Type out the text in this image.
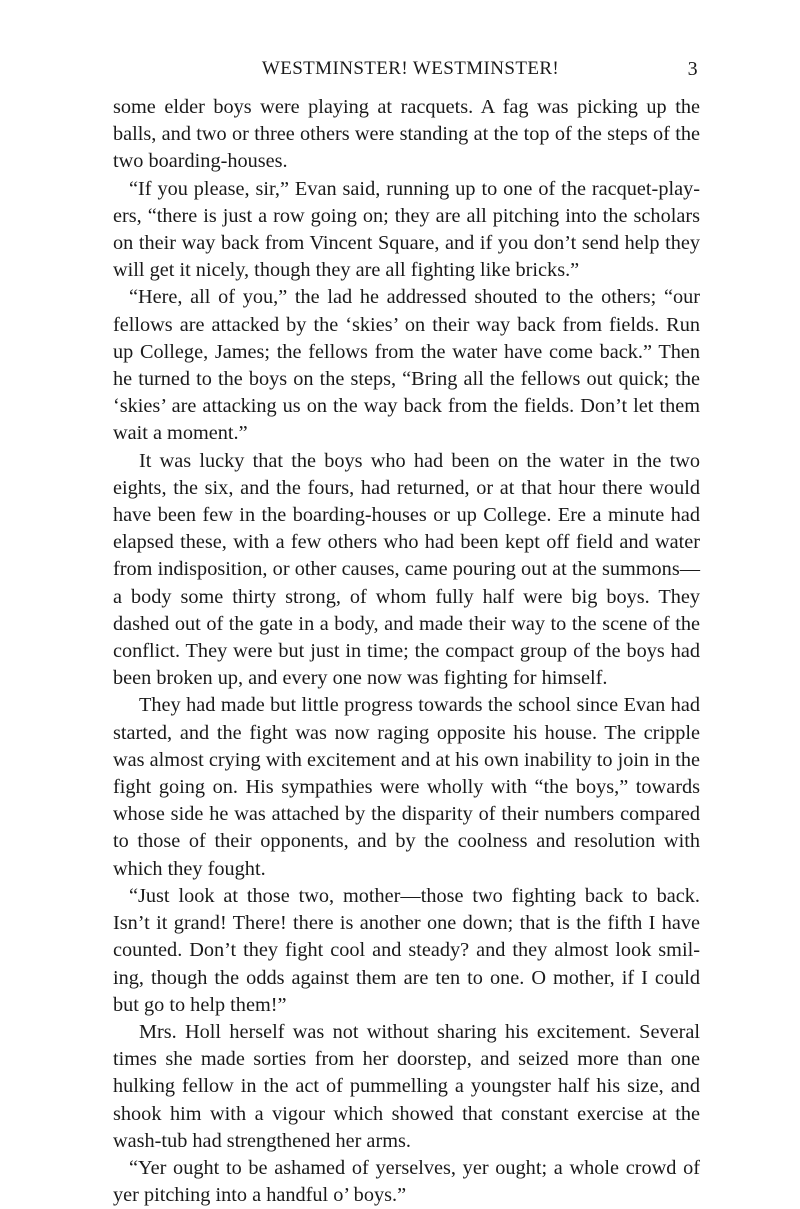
WESTMINSTER! WESTMINSTER!	3

some elder boys were playing at racquets. A fag was picking up the balls, and two or three others were standing at the top of the steps of the two boarding-houses.

“If you please, sir,” Evan said, running up to one of the racquet-players, “there is just a row going on; they are all pitching into the scholars on their way back from Vincent Square, and if you don’t send help they will get it nicely, though they are all fighting like bricks.”

“Here, all of you,” the lad he addressed shouted to the others; “our fellows are attacked by the ‘skies’ on their way back from fields. Run up College, James; the fellows from the water have come back.” Then he turned to the boys on the steps, “Bring all the fellows out quick; the ‘skies’ are attacking us on the way back from the fields. Don’t let them wait a moment.”

It was lucky that the boys who had been on the water in the two eights, the six, and the fours, had returned, or at that hour there would have been few in the boarding-houses or up College. Ere a minute had elapsed these, with a few others who had been kept off field and water from indisposition, or other causes, came pouring out at the summons—a body some thirty strong, of whom fully half were big boys. They dashed out of the gate in a body, and made their way to the scene of the conflict. They were but just in time; the compact group of the boys had been broken up, and every one now was fighting for himself.

They had made but little progress towards the school since Evan had started, and the fight was now raging opposite his house. The cripple was almost crying with excitement and at his own inability to join in the fight going on. His sympathies were wholly with “the boys,” towards whose side he was attached by the disparity of their numbers compared to those of their opponents, and by the coolness and resolution with which they fought.

“Just look at those two, mother—those two fighting back to back. Isn’t it grand! There! there is another one down; that is the fifth I have counted. Don’t they fight cool and steady? and they almost look smiling, though the odds against them are ten to one. O mother, if I could but go to help them!”

Mrs. Holl herself was not without sharing his excitement. Several times she made sorties from her doorstep, and seized more than one hulking fellow in the act of pummelling a youngster half his size, and shook him with a vigour which showed that constant exercise at the wash-tub had strengthened her arms.

“Yer ought to be ashamed of yerselves, yer ought; a whole crowd of yer pitching into a handful o’ boys.”
